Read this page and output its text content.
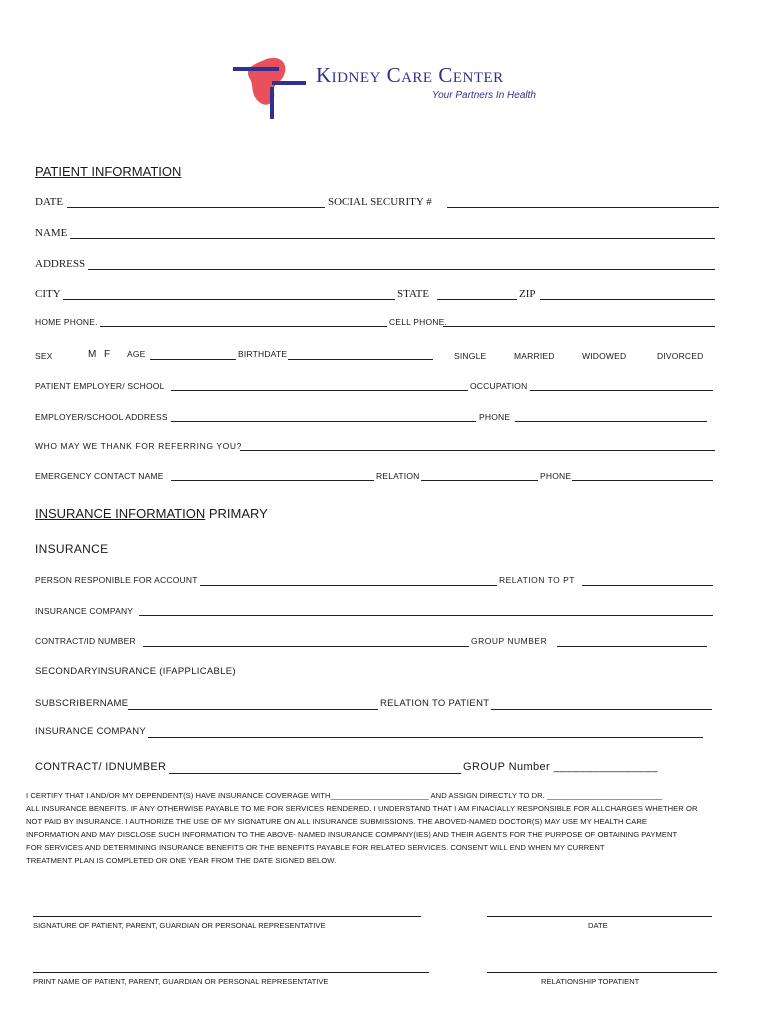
Kidney Care Center
Your Partners In Health
PATIENT INFORMATION
DATE	SOCIAL SECURITY #
NAME
ADDRESS
CITY	STATE	ZIP
HOME PHONE.	CELL PHONE.
SEX	M F AGE	BIRTHDATE	SINGLE	MARRIED	WIDOWED	DIVORCED
PATIENT EMPLOYER/ SCHOOL	OCCUPATION
EMPLOYER/SCHOOL ADDRESS	PHONE
WHO MAY WE THANK FOR REFERRING YOU?
EMERGENCY CONTACT NAME	RELATION	PHONE
INSURANCE INFORMATION PRIMARY
INSURANCE
PERSON RESPONIBLE FOR ACCOUNT	RELATION TO PT
INSURANCE COMPANY
CONTRACT/ID NUMBER	GROUP NUMBER
SECONDARYINSURANCE (IFAPPLICABLE)
SUBSCRIBERNAME	RELATION TO PATIENT
INSURANCE COMPANY
CONTRACT/ IDNUMBER	GROUP Number ________________
I CERTIFY THAT I AND/OR MY DEPENDENT(S) HAVE INSURANCE COVERAGE WITH_______________________ AND ASSIGN DIRECTLY TO DR. ___________________________
ALL INSURANCE BENEFITS. IF ANY OTHERWISE PAYABLE TO ME FOR SERVICES RENDERED. I UNDERSTAND THAT I AM FINACIALLY RESPONSIBLE FOR ALLCHARGES WHETHER OR
NOT PAID BY INSURANCE. I AUTHORIZE THE USE OF MY SIGNATURE ON ALL INSURANCE SUBMISSIONS. THE ABOVED-NAMED DOCTOR(S) MAY USE MY HEALTH CARE
INFORMATION AND MAY DISCLOSE SUCH INFORMATION TO THE ABOVE- NAMED INSURANCE COMPANY(IES) AND THEIR AGENTS FOR THE PURPOSE OF OBTAINING PAYMENT
FOR SERVICES AND DETERMINING INSURANCE BENEFITS OR THE BENEFITS PAYABLE FOR RELATED SERVICES. CONSENT WILL END WHEN MY CURRENT
TREATMENT PLAN IS COMPLETED OR ONE YEAR FROM THE DATE SIGNED BELOW.
SIGNATURE OF PATIENT, PARENT, GUARDIAN OR PERSONAL REPRESENTATIVE	DATE
PRINT NAME OF PATIENT, PARENT, GUARDIAN OR PERSONAL REPRESENTATIVE	RELATIONSHIP TOPATIENT
